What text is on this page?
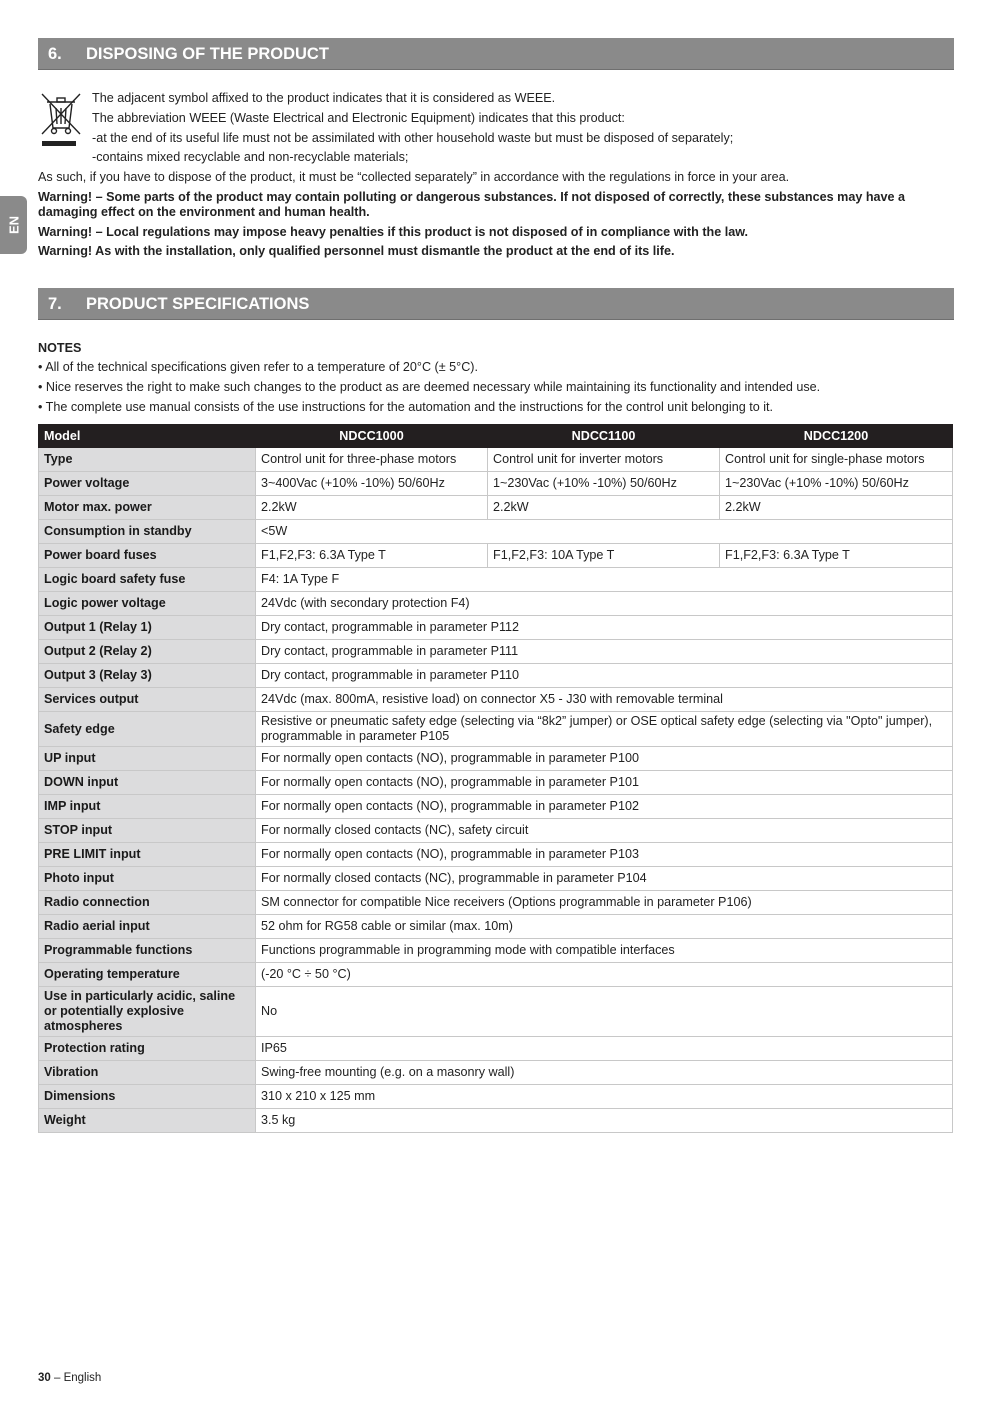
EN
6. DISPOSING OF THE PRODUCT
The adjacent symbol affixed to the product indicates that it is considered as WEEE.
The abbreviation WEEE (Waste Electrical and Electronic Equipment) indicates that this product:
-at the end of its useful life must not be assimilated with other household waste but must be disposed of separately;
-contains mixed recyclable and non-recyclable materials;
As such, if you have to dispose of the product, it must be “collected separately” in accordance with the regulations in force in your area.
Warning! – Some parts of the product may contain polluting or dangerous substances. If not disposed of correctly, these substances may have a damaging effect on the environment and human health.
Warning! – Local regulations may impose heavy penalties if this product is not disposed of in compliance with the law.
Warning! As with the installation, only qualified personnel must dismantle the product at the end of its life.
7. PRODUCT SPECIFICATIONS
NOTES
• All of the technical specifications given refer to a temperature of 20°C (± 5°C).
• Nice reserves the right to make such changes to the product as are deemed necessary while maintaining its functionality and intended use.
• The complete use manual consists of the use instructions for the automation and the instructions for the control unit belonging to it.
Model	NDCC1000	NDCC1100	NDCC1200
Type	Control unit for three-phase motors	Control unit for inverter motors	Control unit for single-phase motors
Power voltage	3~400Vac (+10% -10%) 50/60Hz	1~230Vac (+10% -10%) 50/60Hz	1~230Vac (+10% -10%) 50/60Hz
Motor max. power	2.2kW	2.2kW	2.2kW
Consumption in standby	<5W		
Power board fuses	F1,F2,F3: 6.3A Type T	F1,F2,F3: 10A Type T	F1,F2,F3: 6.3A Type T
Logic board safety fuse	F4: 1A Type F		
Logic power voltage	24Vdc (with secondary protection F4)		
Output 1 (Relay 1)	Dry contact, programmable in parameter P112		
Output 2 (Relay 2)	Dry contact, programmable in parameter P111		
Output 3 (Relay 3)	Dry contact, programmable in parameter P110		
Services output	24Vdc (max. 800mA, resistive load) on connector X5 - J30 with removable terminal		
Safety edge	Resistive or pneumatic safety edge (selecting via “8k2” jumper) or OSE optical safety edge (selecting via "Opto" jumper), programmable in parameter P105		
UP input	For normally open contacts (NO), programmable in parameter P100		
DOWN input	For normally open contacts (NO), programmable in parameter P101		
IMP input	For normally open contacts (NO), programmable in parameter P102		
STOP input	For normally closed contacts (NC), safety circuit		
PRE LIMIT input	For normally open contacts (NO), programmable in parameter P103		
Photo input	For normally closed contacts (NC), programmable in parameter P104		
Radio connection	SM connector for compatible Nice receivers (Options programmable in parameter P106)		
Radio aerial input	52 ohm for RG58 cable or similar (max. 10m)		
Programmable functions	Functions programmable in programming mode with compatible interfaces		
Operating temperature	(-20 °C ÷ 50 °C)		
Use in particularly acidic, saline or potentially explosive atmospheres	No		
Protection rating	IP65		
Vibration	Swing-free mounting (e.g. on a masonry wall)		
Dimensions	310 x 210 x 125 mm		
Weight	3.5 kg		
30 – English
